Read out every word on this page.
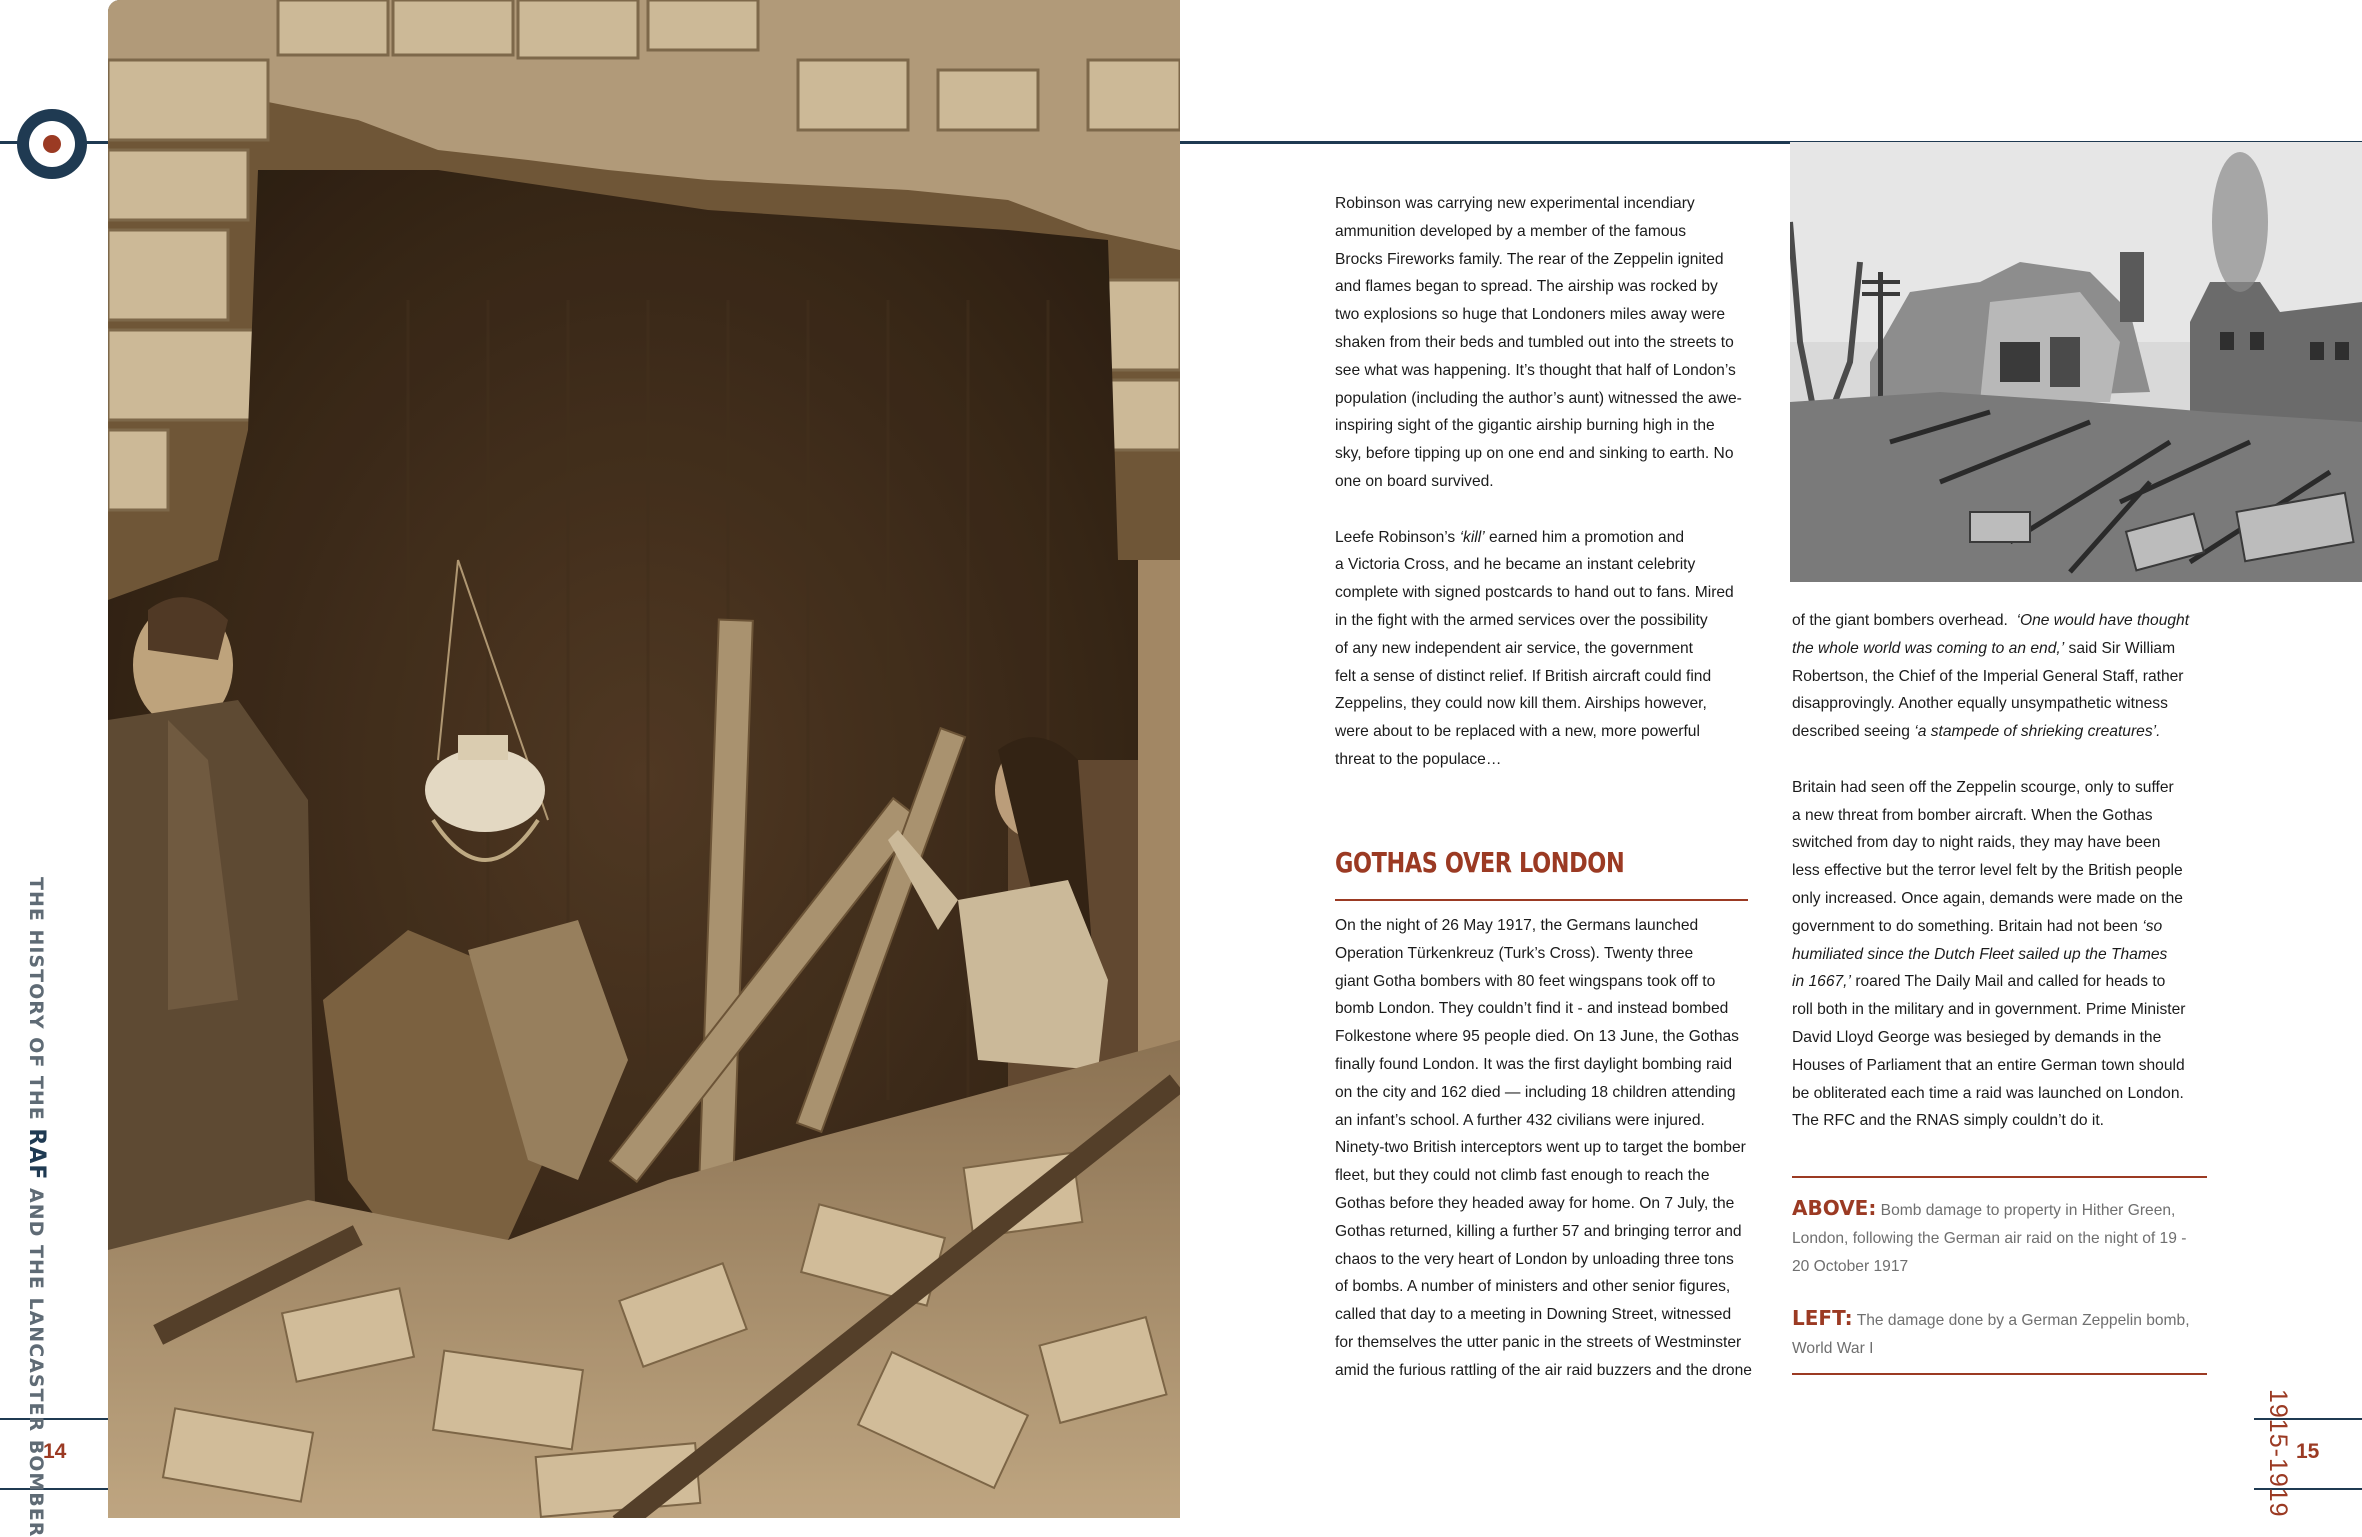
THE HISTORY OF THE RAF AND THE LANCASTER BOMBER	1915-1919
14	15

Robinson was carrying new experimental incendiary
ammunition developed by a member of the famous
Brocks Fireworks family. The rear of the Zeppelin ignited
and flames began to spread. The airship was rocked by
two explosions so huge that Londoners miles away were
shaken from their beds and tumbled out into the streets to
see what was happening. It’s thought that half of London’s
population (including the author’s aunt) witnessed the awe-
inspiring sight of the gigantic airship burning high in the
sky, before tipping up on one end and sinking to earth. No
one on board survived.

Leefe Robinson’s ‘kill’ earned him a promotion and
a Victoria Cross, and he became an instant celebrity
complete with signed postcards to hand out to fans. Mired
in the fight with the armed services over the possibility
of any new independent air service, the government
felt a sense of distinct relief. If British aircraft could find
Zeppelins, they could now kill them. Airships however,
were about to be replaced with a new, more powerful
threat to the populace…

GOTHAS OVER LONDON

On the night of 26 May 1917, the Germans launched
Operation Türkenkreuz (Turk’s Cross). Twenty three
giant Gotha bombers with 80 feet wingspans took off to
bomb London. They couldn’t find it - and instead bombed
Folkestone where 95 people died. On 13 June, the Gothas
finally found London. It was the first daylight bombing raid
on the city and 162 died — including 18 children attending
an infant’s school. A further 432 civilians were injured.
Ninety-two British interceptors went up to target the bomber
fleet, but they could not climb fast enough to reach the
Gothas before they headed away for home. On 7 July, the
Gothas returned, killing a further 57 and bringing terror and
chaos to the very heart of London by unloading three tons
of bombs. A number of ministers and other senior figures,
called that day to a meeting in Downing Street, witnessed
for themselves the utter panic in the streets of Westminster
amid the furious rattling of the air raid buzzers and the drone

of the giant bombers overhead. ‘One would have thought
the whole world was coming to an end,’ said Sir William
Robertson, the Chief of the Imperial General Staff, rather
disapprovingly. Another equally unsympathetic witness
described seeing ‘a stampede of shrieking creatures’.

Britain had seen off the Zeppelin scourge, only to suffer
a new threat from bomber aircraft. When the Gothas
switched from day to night raids, they may have been
less effective but the terror level felt by the British people
only increased. Once again, demands were made on the
government to do something. Britain had not been ‘so
humiliated since the Dutch Fleet sailed up the Thames
in 1667,’ roared The Daily Mail and called for heads to
roll both in the military and in government. Prime Minister
David Lloyd George was besieged by demands in the
Houses of Parliament that an entire German town should
be obliterated each time a raid was launched on London.
The RFC and the RNAS simply couldn’t do it.

ABOVE: Bomb damage to property in Hither Green, London, following the German air raid on the night of 19 - 20 October 1917
LEFT: The damage done by a German Zeppelin bomb, World War I
